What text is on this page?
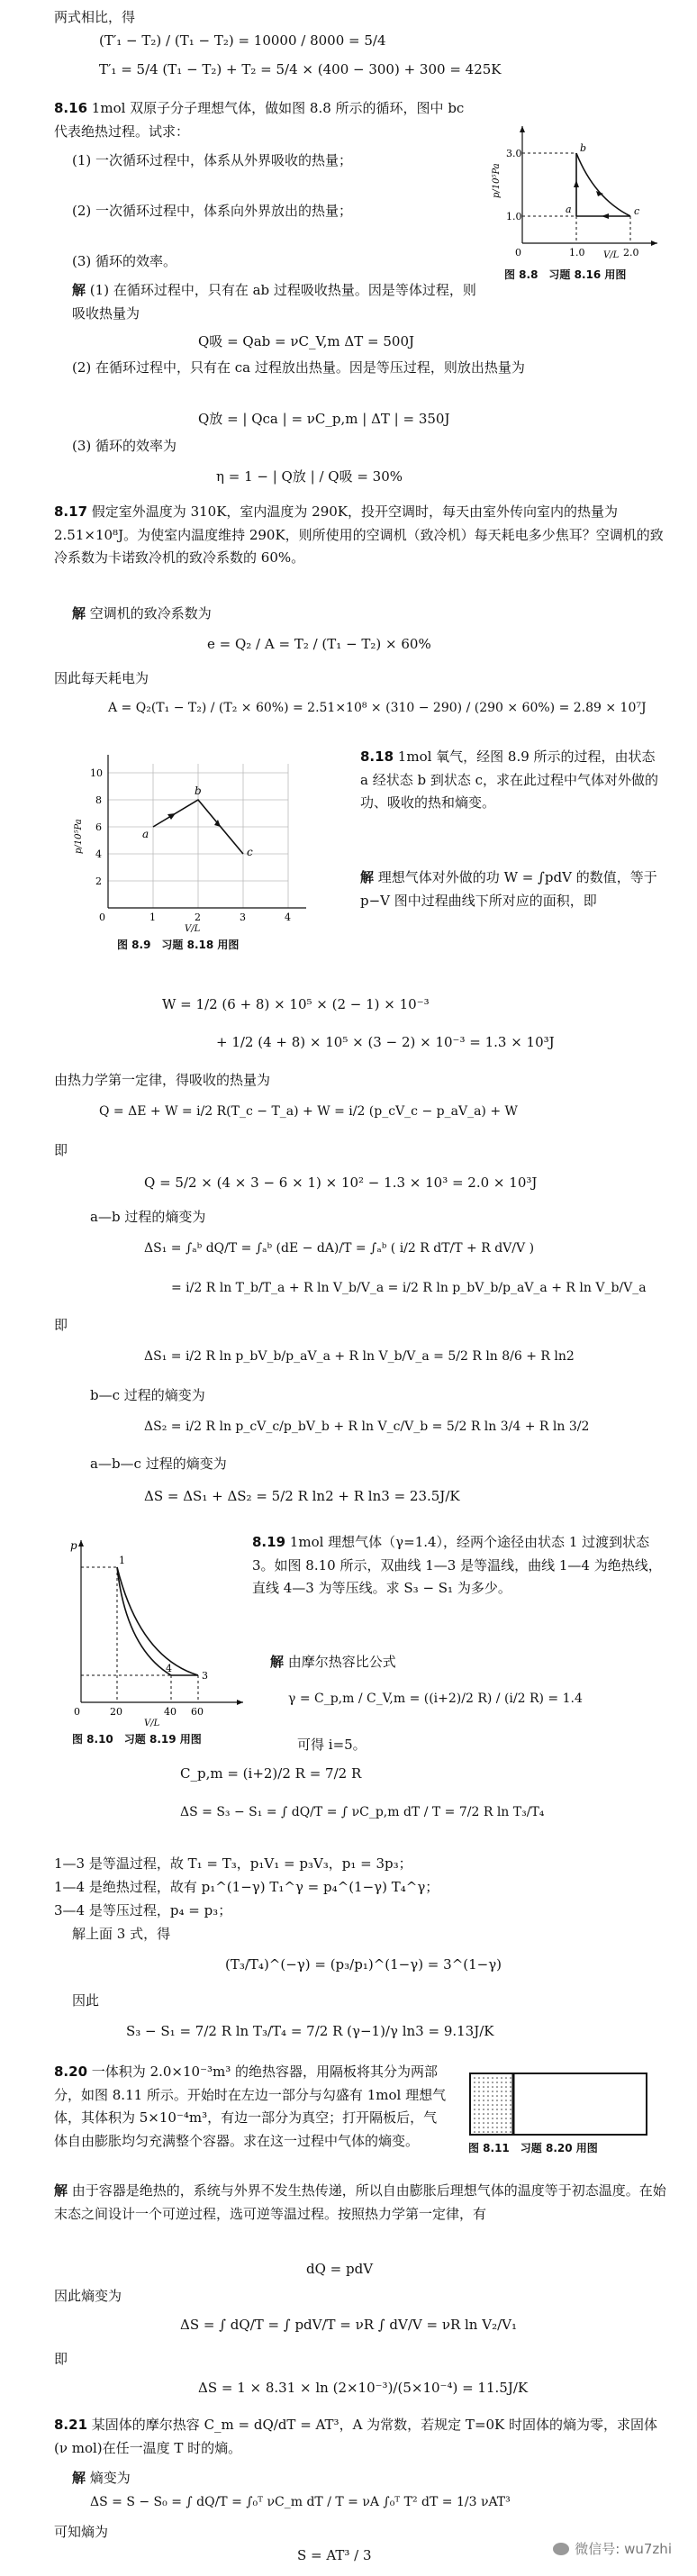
两式相比，得
(T′₁ − T₂) / (T₁ − T₂) = 10000 / 8000 = 5/4
T′₁ = 5/4 (T₁ − T₂) + T₂ = 5/4 × (400 − 300) + 300 = 425K
8.16 1mol 双原子分子理想气体，做如图 8.8 所示的循环，图中 bc 代表绝热过程。试求：
(1) 一次循环过程中，体系从外界吸收的热量；
(2) 一次循环过程中，体系向外界放出的热量；
(3) 循环的效率。
解 (1) 在循环过程中，只有在 ab 过程吸收热量。因是等体过程，则吸收热量为
Q吸 = Qab = νC_V,m ΔT = 500J
(2) 在循环过程中，只有在 ca 过程放出热量。因是等压过程，则放出热量为
Q放 = | Qca | = νC_p,m | ΔT | = 350J
(3) 循环的效率为
η = 1 − | Q放 | / Q吸 = 30%
3.0
1.0
0	1.0	2.0
a
b
c
V/L
p/10⁵Pa
图 8.8　习题 8.16 用图
8.17 假定室外温度为 310K，室内温度为 290K，投开空调时，每天由室外传向室内的热量为 2.51×10⁸J。为使室内温度维持 290K，则所使用的空调机（致冷机）每天耗电多少焦耳？空调机的致冷系数为卡诺致冷机的致冷系数的 60%。
解 空调机的致冷系数为
e = Q₂ / A = T₂ / (T₁ − T₂) × 60%
因此每天耗电为
A = Q₂(T₁ − T₂) / (T₂ × 60%) = 2.51×10⁸ × (310 − 290) / (290 × 60%) = 2.89 × 10⁷J
10
8
6
4
2
0	1	2	3	4
a
b
c
V/L
p/10⁵Pa
图 8.9　习题 8.18 用图
8.18 1mol 氧气，经图 8.9 所示的过程，由状态 a 经状态 b 到状态 c，求在此过程中气体对外做的功、吸收的热和熵变。
解 理想气体对外做的功 W = ∫pdV 的数值，等于 p−V 图中过程曲线下所对应的面积，即
W = 1/2 (6 + 8) × 10⁵ × (2 − 1) × 10⁻³
+ 1/2 (4 + 8) × 10⁵ × (3 − 2) × 10⁻³ = 1.3 × 10³J
由热力学第一定律，得吸收的热量为
Q = ΔE + W = i/2 R(T_c − T_a) + W = i/2 (p_cV_c − p_aV_a) + W
即
Q = 5/2 × (4 × 3 − 6 × 1) × 10² − 1.3 × 10³ = 2.0 × 10³J
a—b 过程的熵变为
ΔS₁ = ∫ₐᵇ dQ/T = ∫ₐᵇ (dE − dA)/T = ∫ₐᵇ ( i/2 R dT/T + R dV/V )
= i/2 R ln T_b/T_a + R ln V_b/V_a = i/2 R ln p_bV_b/p_aV_a + R ln V_b/V_a
即
ΔS₁ = i/2 R ln p_bV_b/p_aV_a + R ln V_b/V_a = 5/2 R ln 8/6 + R ln2
b—c 过程的熵变为
ΔS₂ = i/2 R ln p_cV_c/p_bV_b + R ln V_c/V_b = 5/2 R ln 3/4 + R ln 3/2
a—b—c 过程的熵变为
ΔS = ΔS₁ + ΔS₂ = 5/2 R ln2 + R ln3 = 23.5J/K
8.19 1mol 理想气体（γ=1.4），经两个途径由状态 1 过渡到状态 3。如图 8.10 所示，双曲线 1—3 是等温线，曲线 1—4 为绝热线，直线 4—3 为等压线。求 S₃ − S₁ 为多少。
解 由摩尔热容比公式
γ = C_p,m / C_V,m = ((i+2)/2 R) / (i/2 R) = 1.4
可得 i=5。
p
1
4
3
0	20	40 60
V/L
图 8.10　习题 8.19 用图
C_p,m = (i+2)/2 R = 7/2 R
ΔS = S₃ − S₁ = ∫ dQ/T = ∫ νC_p,m dT / T = 7/2 R ln T₃/T₄
1—3 是等温过程，故 T₁ = T₃，p₁V₁ = p₃V₃，p₁ = 3p₃；
1—4 是绝热过程，故有 p₁^(1−γ) T₁^γ = p₄^(1−γ) T₄^γ；
3—4 是等压过程，p₄ = p₃；
解上面 3 式，得
(T₃/T₄)^(−γ) = (p₃/p₁)^(1−γ) = 3^(1−γ)
因此
S₃ − S₁ = 7/2 R ln T₃/T₄ = 7/2 R (γ−1)/γ ln3 = 9.13J/K
8.20 一体积为 2.0×10⁻³m³ 的绝热容器，用隔板将其分为两部分，如图 8.11 所示。开始时在左边一部分与勾盛有 1mol 理想气体，其体积为 5×10⁻⁴m³，有边一部分为真空；打开隔板后，气体自由膨胀均匀充满整个容器。求在这一过程中气体的熵变。	图 8.11　习题 8.20 用图
解 由于容器是绝热的，系统与外界不发生热传递，所以自由膨胀后理想气体的温度等于初态温度。在始末态之间设计一个可逆过程，选可逆等温过程。按照热力学第一定律，有
dQ = pdV
因此熵变为
ΔS = ∫ dQ/T = ∫ pdV/T = νR ∫ dV/V = νR ln V₂/V₁
即
ΔS = 1 × 8.31 × ln (2×10⁻³)/(5×10⁻⁴) = 11.5J/K
8.21 某固体的摩尔热容 C_m = dQ/dT = AT³，A 为常数，若规定 T=0K 时固体的熵为零，求固体(ν mol)在任一温度 T 时的熵。
解 熵变为
ΔS = S − S₀ = ∫ dQ/T = ∫₀ᵀ νC_m dT / T = νA ∫₀ᵀ T² dT = 1/3 νAT³
可知熵为
S = AT³ / 3	微信号: wu7zhi
